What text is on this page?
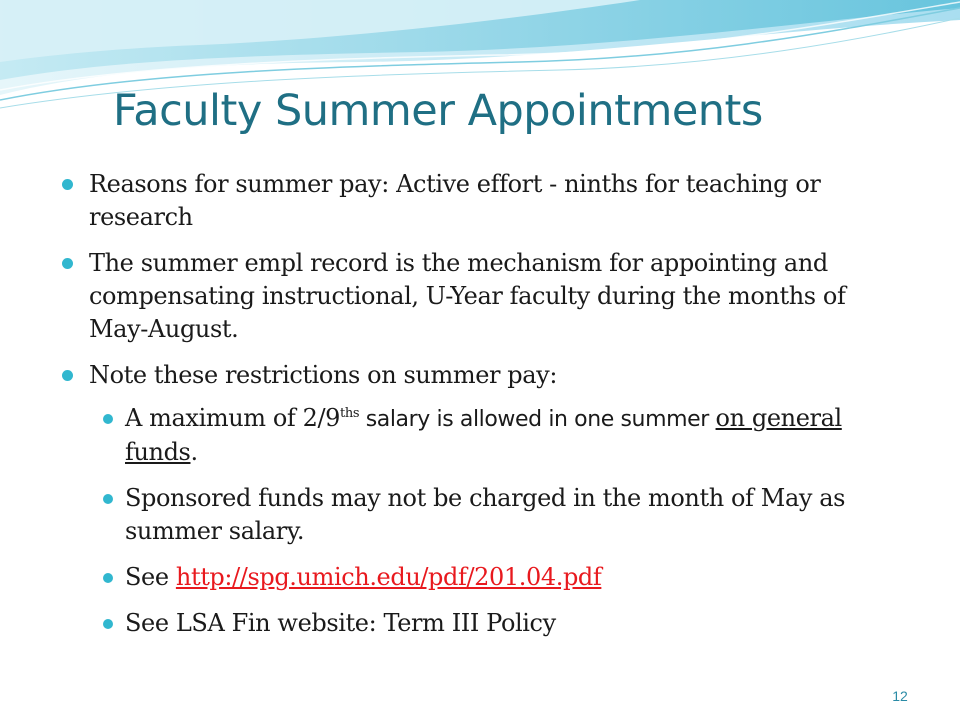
Faculty Summer Appointments
Reasons for summer pay: Active effort - ninths for teaching or research
The summer empl record is the mechanism for appointing and compensating instructional, U-Year faculty during the months of May-August.
Note these restrictions on summer pay:
A maximum of $2/9^{ths}$ salary is allowed in one summer on general funds.
Sponsored funds may not be charged in the month of May as summer salary.
See http://spg.umich.edu/pdf/201.04.pdf
See LSA Fin website: Term III Policy
12
